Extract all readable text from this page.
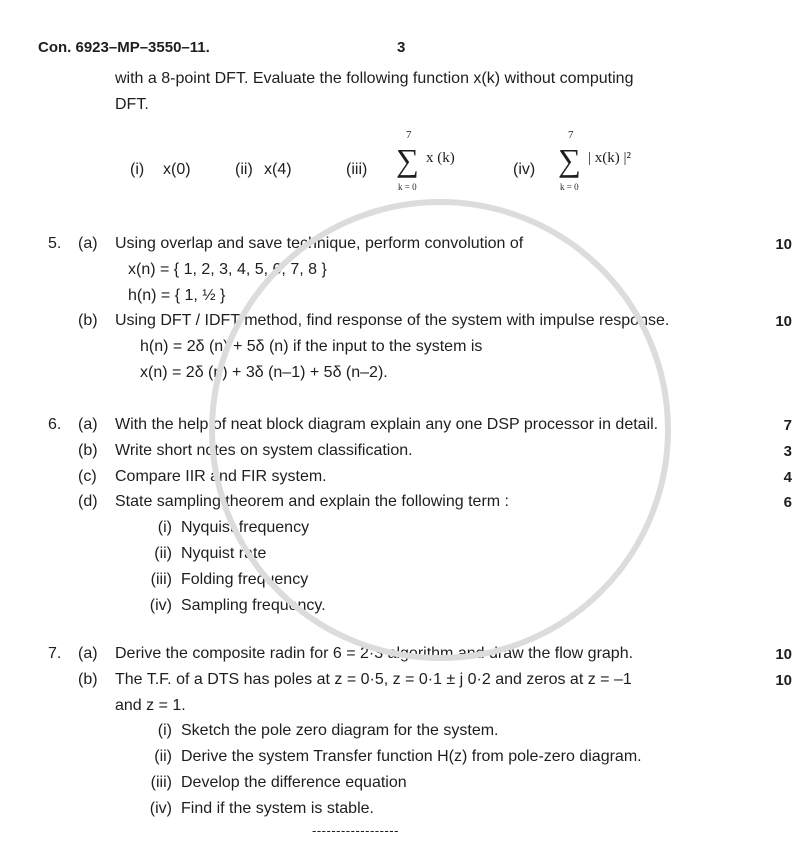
Con. 6923–MP–3550–11.	3
with a 8-point DFT. Evaluate the following function x(k) without computing
DFT.
(i) x(0)	(ii) x(4)	(iii)
7
∑ x (k)
k = 0
(iv)
7
∑ | x(k) |²
k = 0
5. (a) Using overlap and save technique, perform convolution of	10
x(n) = { 1, 2, 3, 4, 5, 6, 7, 8 }
h(n) = { 1, ½ }
(b) Using DFT / IDFT method, find response of the system with impulse response.	10
h(n) = 2δ (n) + 5δ (n) if the input to the system is
x(n) = 2δ (n) + 3δ (n–1) + 5δ (n–2).
6. (a) With the help of neat block diagram explain any one DSP processor in detail.	7
(b) Write short notes on system classification.	3
(c) Compare IIR and FIR system.	4
(d) State sampling theorem and explain the following term :	6
(i) Nyquist frequency
(ii) Nyquist rate
(iii) Folding frequency
(iv) Sampling frequency.
7. (a) Derive the composite radin for 6 = 2·3 algorithm and draw the flow graph.	10
(b) The T.F. of a DTS has poles at z = 0·5, z = 0·1 ± j 0·2 and zeros at z = –1	10
and z = 1.
(i) Sketch the pole zero diagram for the system.
(ii) Derive the system Transfer function H(z) from pole-zero diagram.
(iii) Develop the difference equation
(iv) Find if the system is stable.
------------------
